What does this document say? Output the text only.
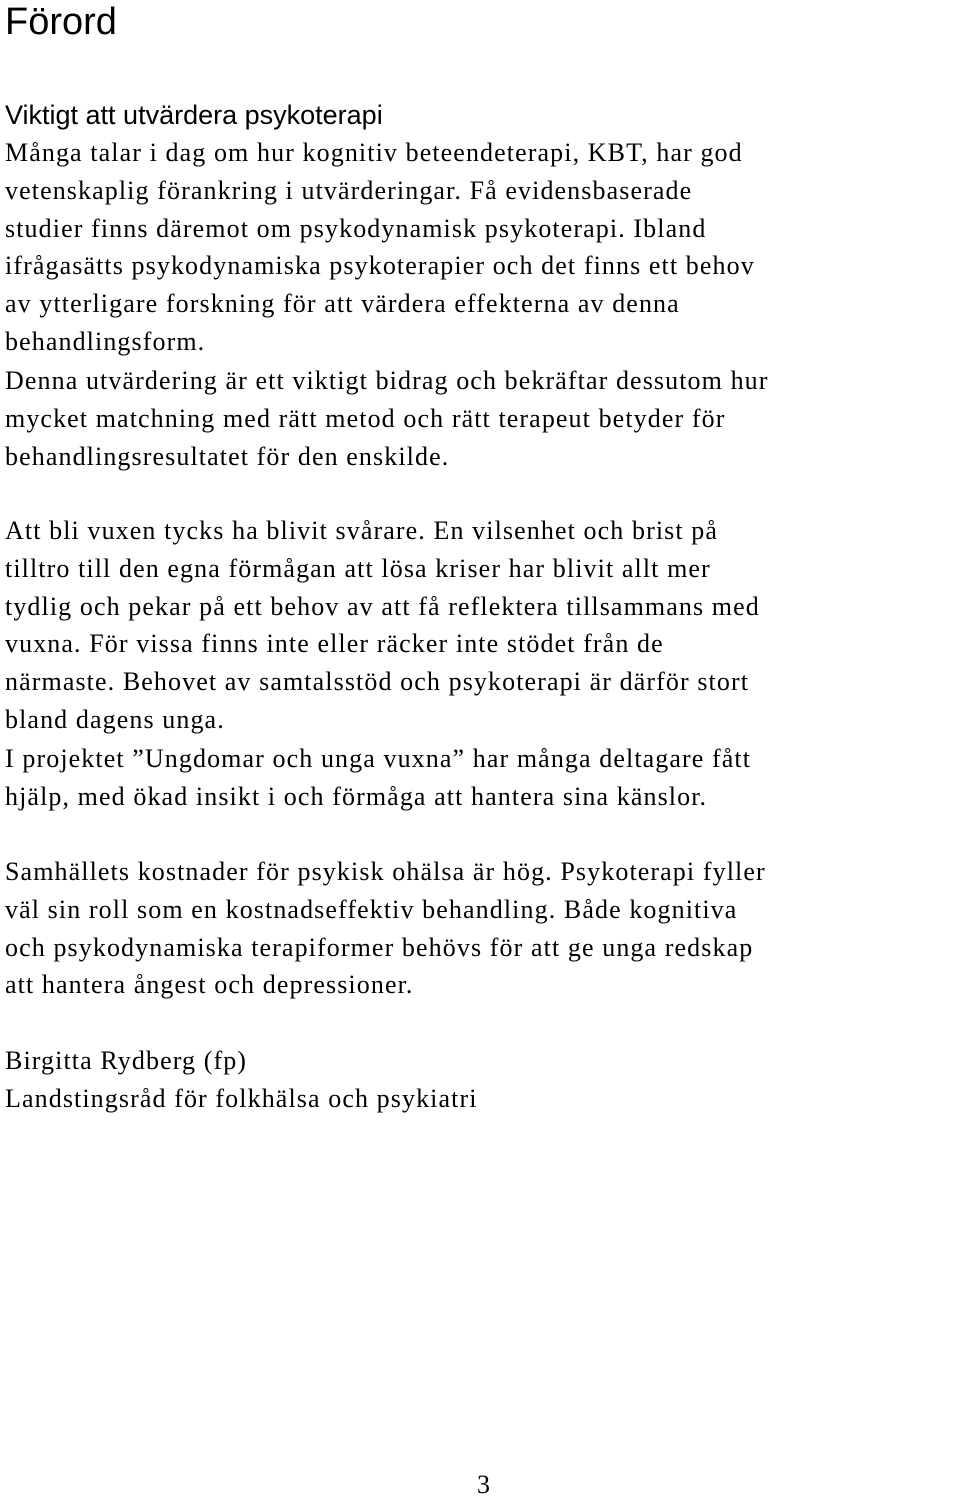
Förord
Viktigt att utvärdera psykoterapi

Många talar i dag om hur kognitiv beteendeterapi, KBT, har god
vetenskaplig förankring i utvärderingar. Få evidensbaserade
studier finns däremot om psykodynamisk psykoterapi. Ibland
ifrågasätts psykodynamiska psykoterapier och det finns ett behov
av ytterligare forskning för att värdera effekterna av denna
behandlingsform.

Denna utvärdering är ett viktigt bidrag och bekräftar dessutom hur
mycket matchning med rätt metod och rätt terapeut betyder för
behandlingsresultatet för den enskilde.

Att bli vuxen tycks ha blivit svårare. En vilsenhet och brist på
tilltro till den egna förmågan att lösa kriser har blivit allt mer
tydlig och pekar på ett behov av att få reflektera tillsammans med
vuxna. För vissa finns inte eller räcker inte stödet från de
närmaste. Behovet av samtalsstöd och psykoterapi är därför stort
bland dagens unga.

I projektet ”Ungdomar och unga vuxna” har många deltagare fått
hjälp, med ökad insikt i och förmåga att hantera sina känslor.

Samhällets kostnader för psykisk ohälsa är hög. Psykoterapi fyller
väl sin roll som en kostnadseffektiv behandling. Både kognitiva
och psykodynamiska terapiformer behövs för att ge unga redskap
att hantera ångest och depressioner.

Birgitta Rydberg (fp)

Landstingsråd för folkhälsa och psykiatri

3
